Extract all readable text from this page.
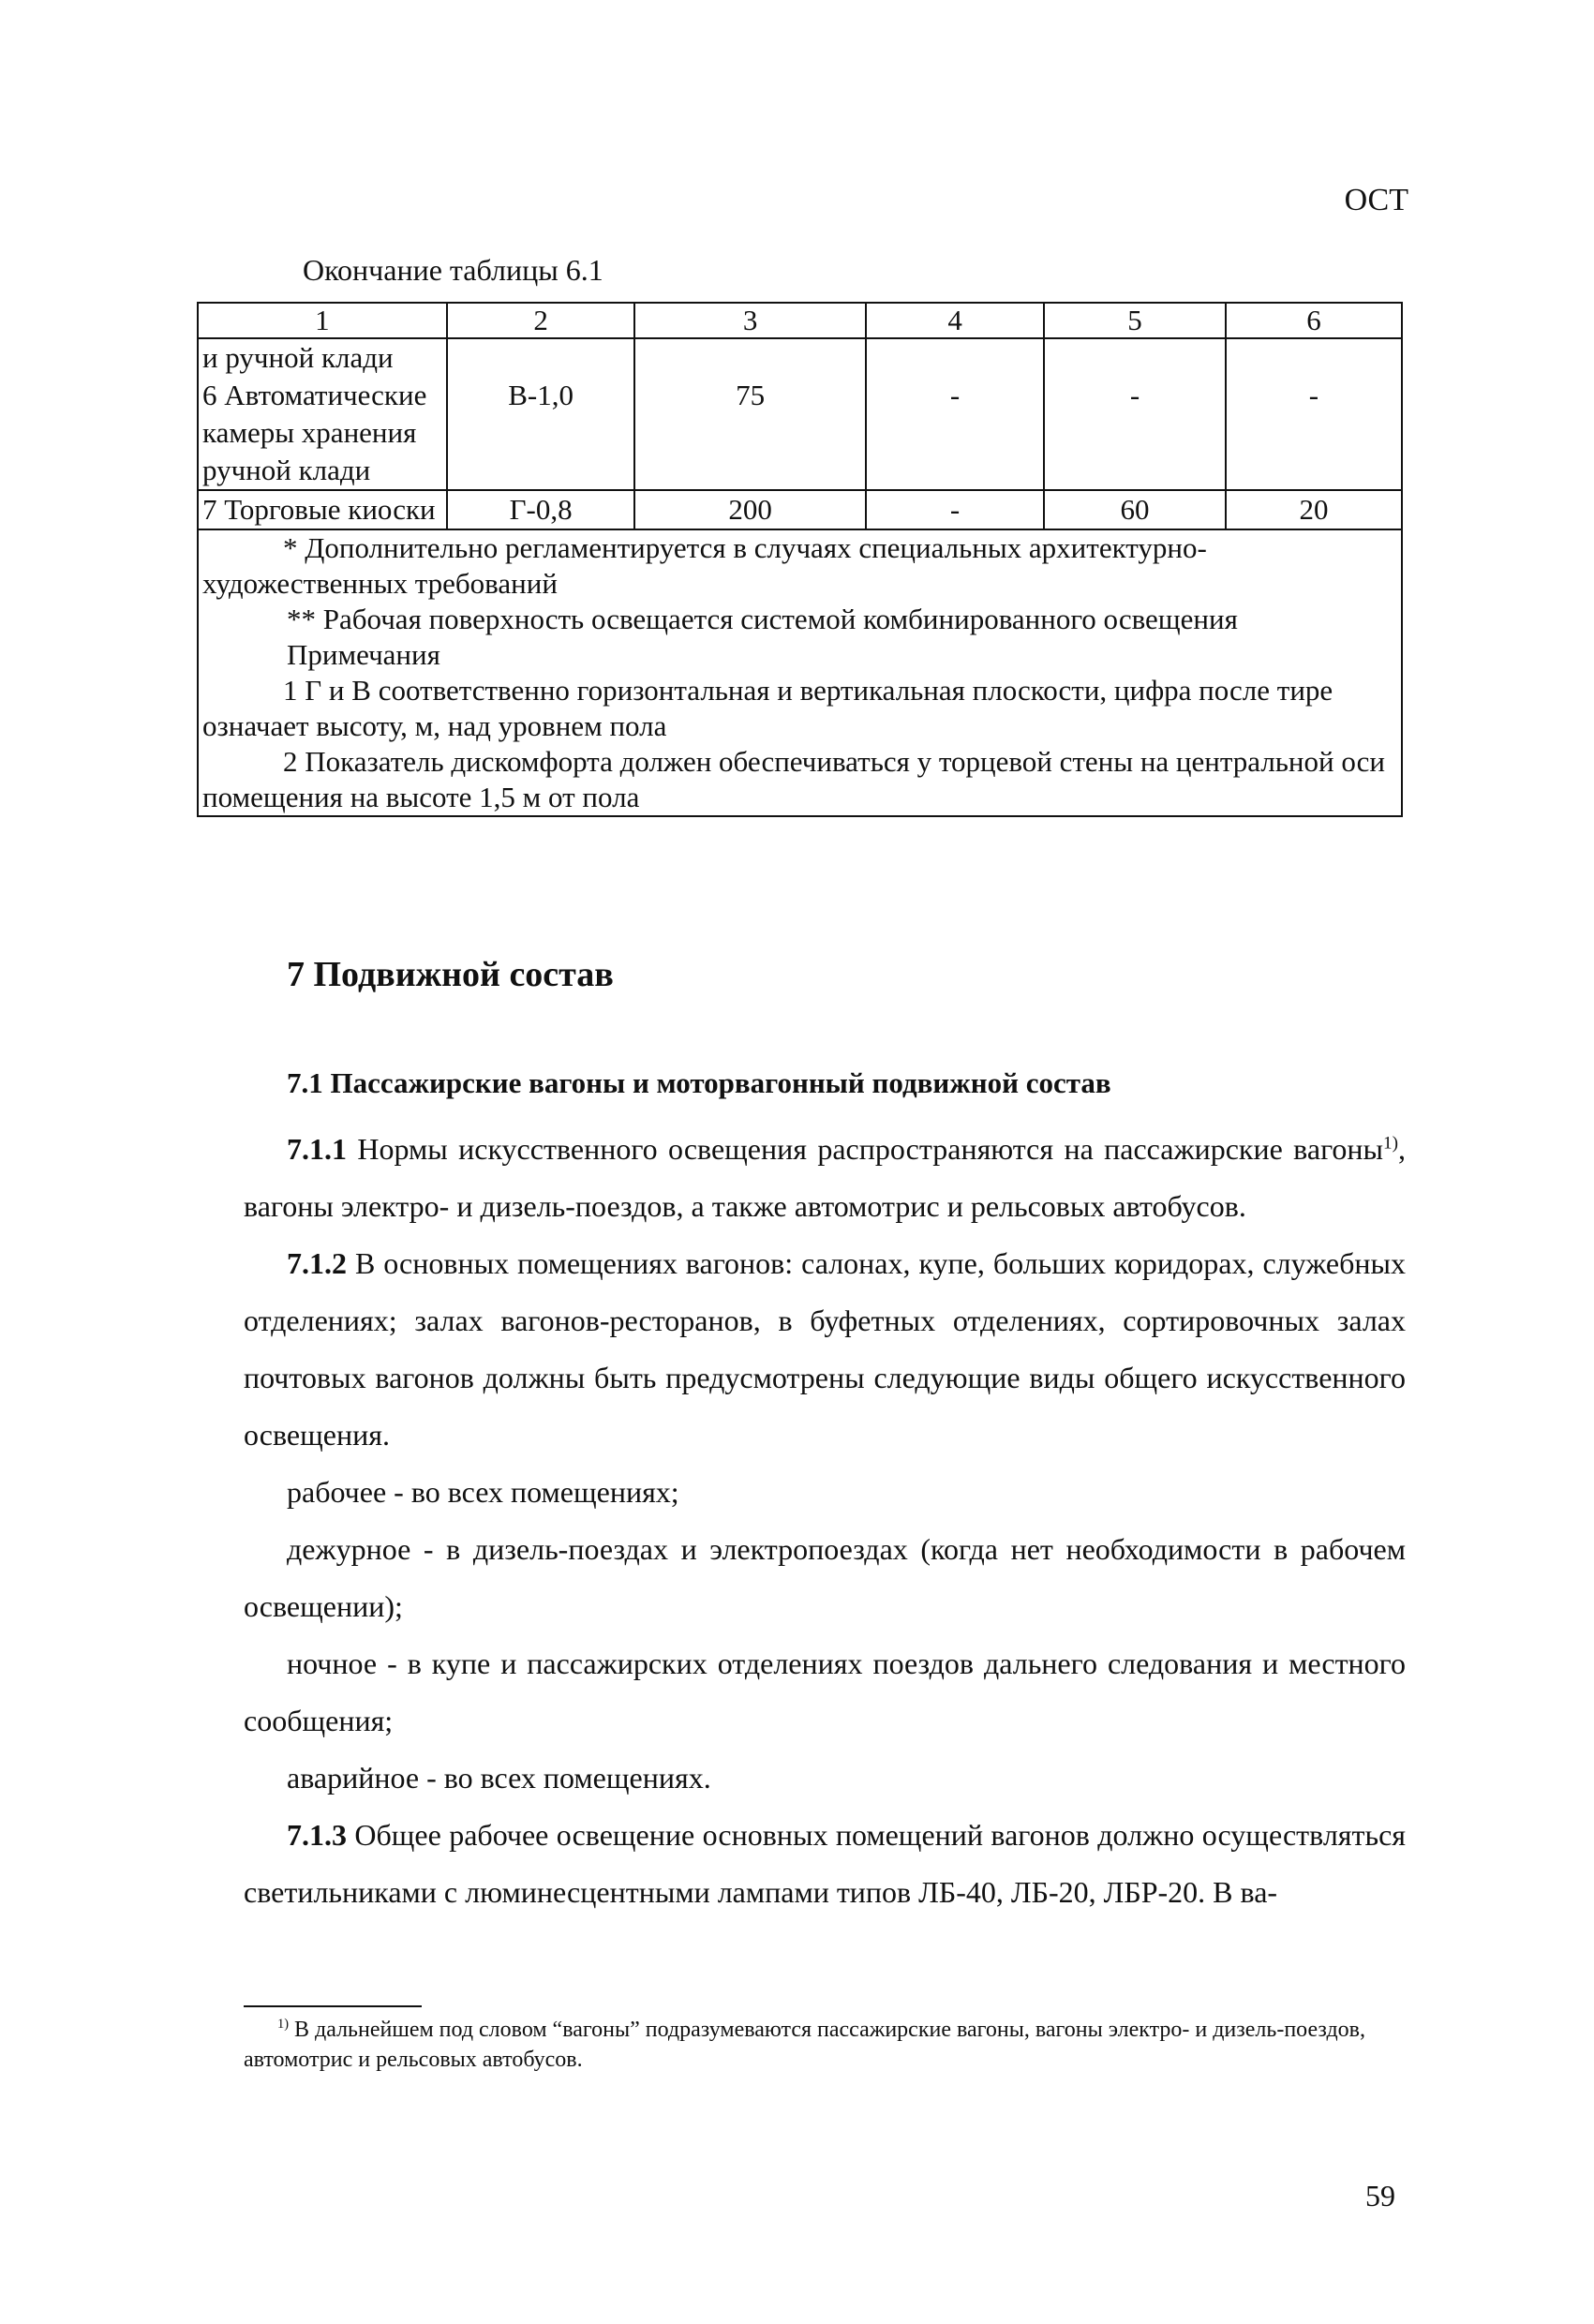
ОСТ
Окончание таблицы 6.1
1	2	3	4	5	6

и ручной клади
6 Автоматические камеры хранения ручной клади	В-1,0	75	-	-	-

7 Торговые киоски	Г-0,8	200	-	60	20

* Дополнительно регламентируется в случаях специальных архитектурно-художественных требований
** Рабочая поверхность освещается системой комбинированного освещения
Примечания
1 Г и В соответственно горизонтальная и вертикальная плоскости, цифра после тире означает высоту, м, над уровнем пола
2 Показатель дискомфорта должен обеспечиваться у торцевой стены на центральной оси помещения на высоте 1,5 м от пола					
7 Подвижной состав
7.1 Пассажирские вагоны и моторвагонный подвижной состав

7.1.1 Нормы искусственного освещения распространяются на пассажирские вагоны$^{1)}$, вагоны электро- и дизель-поездов, а также автомотрис и рельсовых автобусов.

7.1.2 В основных помещениях вагонов: салонах, купе, больших коридорах, служебных отделениях; залах вагонов-ресторанов, в буфетных отделениях, сортировочных залах почтовых вагонов должны быть предусмотрены следующие виды общего искусственного освещения.

рабочее - во всех помещениях;

дежурное - в дизель-поездах и электропоездах (когда нет необходимости в рабочем освещении);

ночное - в купе и пассажирских отделениях поездов дальнего следования и местного сообщения;

аварийное - во всех помещениях.

7.1.3 Общее рабочее освещение основных помещений вагонов должно осуществляться светильниками с люминесцентными лампами типов ЛБ-40, ЛБ-20, ЛБР-20. В ва-

$^{1)}$ В дальнейшем под словом “вагоны” подразумеваются пассажирские вагоны, вагоны электро- и дизель-поездов, автомотрис и рельсовых автобусов.

59
